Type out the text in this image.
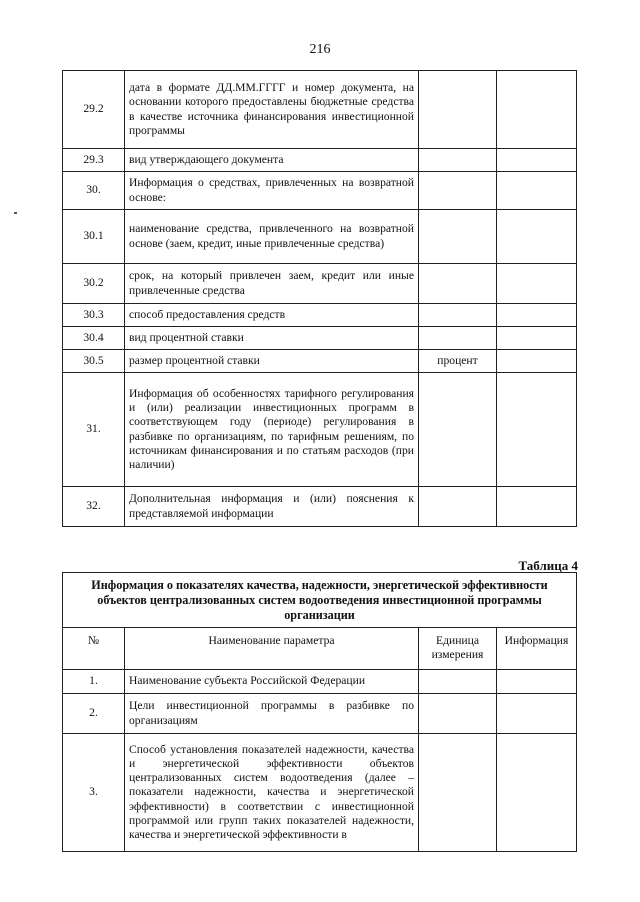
216
29.2	дата в формате ДД.ММ.ГГГГ и номер документа, на основании которого предоставлены бюджетные средства в качестве источника финансирования инвестиционной программы		
29.3	вид утверждающего документа		
30.	Информация о средствах, привлеченных на возвратной основе:		
30.1	наименование средства, привлеченного на возвратной основе (заем, кредит, иные привлеченные средства)		
30.2	срок, на который привлечен заем, кредит или иные привлеченные средства		
30.3	способ предоставления средств		
30.4	вид процентной ставки		
30.5	размер процентной ставки	процент	
31.	Информация об особенностях тарифного регулирования и (или) реализации инвестиционных программ в соответствующем году (периоде) регулирования в разбивке по организациям, по тарифным решениям, по источникам финансирования и по статьям расходов (при наличии)		
32.	Дополнительная информация и (или) пояснения к представляемой информации		
Таблица 4
Информация о показателях качества, надежности, энергетической эффективности объектов централизованных систем водоотведения инвестиционной программы организации			
№	Наименование параметра	Единица измерения	Информация
1.	Наименование субъекта Российской Федерации		
2.	Цели инвестиционной программы в разбивке по организациям		
3.	Способ установления показателей надежности, качества и энергетической эффективности объектов централизованных систем водоотведения (далее – показатели надежности, качества и энергетической эффективности) в соответствии с инвестиционной программой или групп таких показателей надежности, качества и энергетической эффективности в		
